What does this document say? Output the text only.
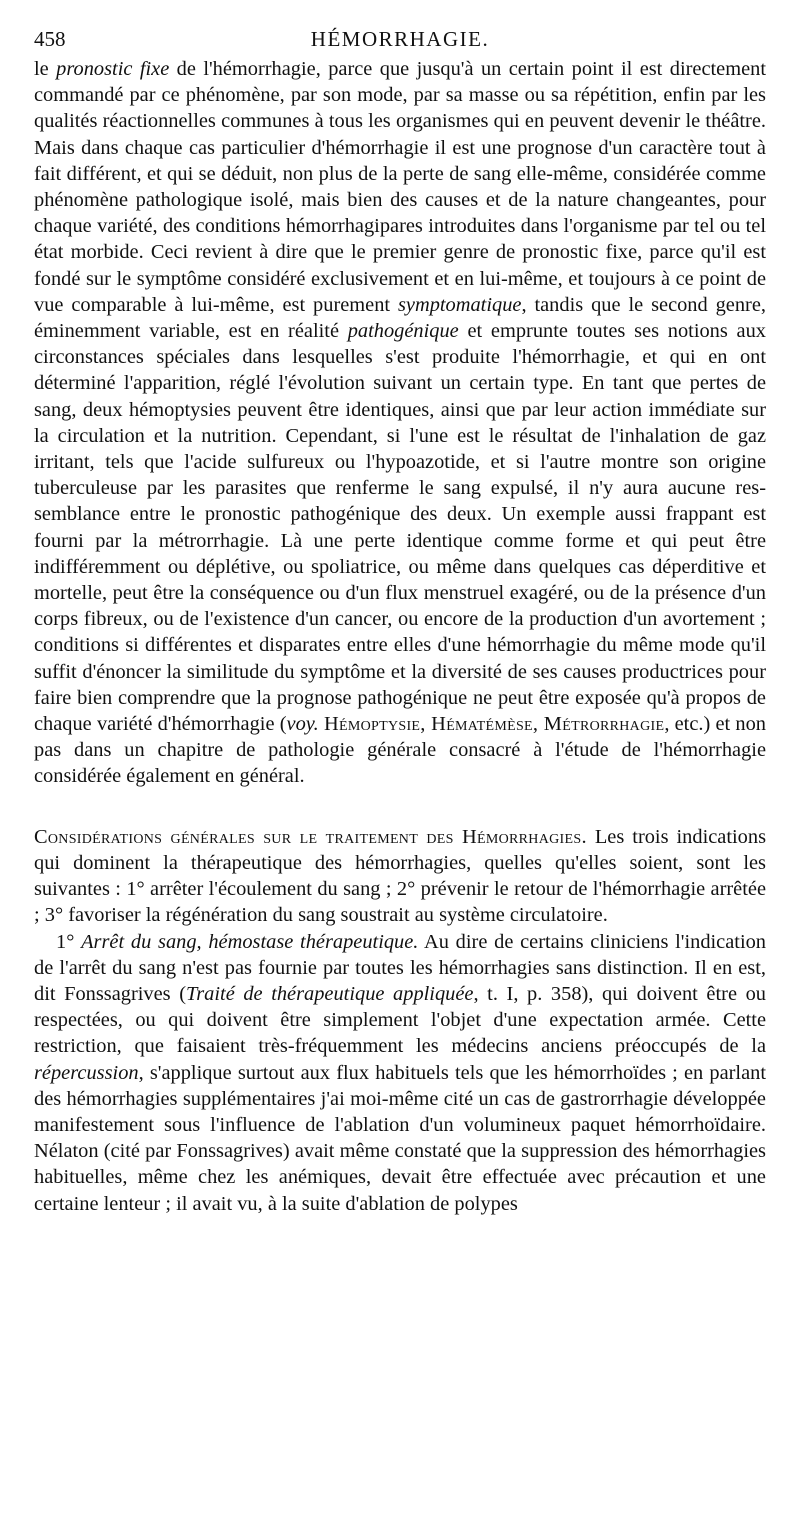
458	HÉMORRHAGIE.

le pronostic fixe de l'hémorrhagie, parce que jusqu'à un certain point il est directement commandé par ce phénomène, par son mode, par sa masse ou sa répétition, enfin par les qualités réactionnelles communes à tous les organismes qui en peuvent devenir le théâtre. Mais dans chaque cas particulier d'hémorrhagie il est une prognose d'un caractère tout à fait différent, et qui se déduit, non plus de la perte de sang elle-même, considérée comme phénomène pathologique isolé, mais bien des causes et de la nature changeantes, pour chaque variété, des conditions hémorrhagipares introduites dans l'organisme par tel ou tel état morbide. Ceci revient à dire que le premier genre de pronostic fixe, parce qu'il est fondé sur le symptôme considéré exclusivement et en lui-même, et toujours à ce point de vue comparable à lui-même, est purement symptomatique, tandis que le second genre, éminemment variable, est en réalité pathogénique et emprunte toutes ses notions aux circonstances spéciales dans lesquelles s'est produite l'hémorrhagie, et qui en ont déterminé l'apparition, réglé l'évolution suivant un certain type. En tant que pertes de sang, deux hémoptysies peuvent être identiques, ainsi que par leur action immédiate sur la circulation et la nutrition. Cependant, si l'une est le résultat de l'inhalation de gaz irritant, tels que l'acide sulfureux ou l'hypoazotide, et si l'autre montre son origine tuberculeuse par les parasites que renferme le sang expulsé, il n'y aura aucune ressemblance entre le pronostic pathogénique des deux. Un exemple aussi frappant est fourni par la métrorrhagie. Là une perte identique comme forme et qui peut être indifféremment ou déplétive, ou spoliatrice, ou même dans quelques cas déperditive et mortelle, peut être la conséquence ou d'un flux menstruel exagéré, ou de la présence d'un corps fibreux, ou de l'existence d'un cancer, ou encore de la production d'un avortement ; conditions si différentes et disparates entre elles d'une hémorrhagie du même mode qu'il suffit d'énoncer la similitude du symptôme et la diversité de ses causes productrices pour faire bien comprendre que la prognose pathogénique ne peut être exposée qu'à propos de chaque variété d'hémorrhagie (voy. Hémoptysie, Hématémèse, Métrorrhagie, etc.) et non pas dans un chapitre de pathologie générale consacré à l'étude de l'hémorrhagie considérée également en général.

Considérations générales sur le traitement des Hémorrhagies. Les trois indications qui dominent la thérapeutique des hémorrhagies, quelles qu'elles soient, sont les suivantes : 1° arrêter l'écoulement du sang ; 2° prévenir le retour de l'hémorrhagie arrêtée ; 3° favoriser la régénération du sang soustrait au système circulatoire.

1° Arrêt du sang, hémostase thérapeutique. Au dire de certains cliniciens l'indication de l'arrêt du sang n'est pas fournie par toutes les hémorrhagies sans distinction. Il en est, dit Fonssagrives (Traité de thérapeutique appliquée, t. I, p. 358), qui doivent être ou respectées, ou qui doivent être simplement l'objet d'une expectation armée. Cette restriction, que faisaient très-fréquemment les médecins anciens préoccupés de la répercussion, s'applique surtout aux flux habituels tels que les hémorrhoïdes ; en parlant des hémorrhagies supplémentaires j'ai moi-même cité un cas de gastrorrhagie développée manifestement sous l'influence de l'ablation d'un volumineux paquet hémorrhoïdaire. Nélaton (cité par Fonssagrives) avait même constaté que la suppression des hémorrhagies habituelles, même chez les anémiques, devait être effectuée avec précaution et une certaine lenteur ; il avait vu, à la suite d'ablation de polypes
